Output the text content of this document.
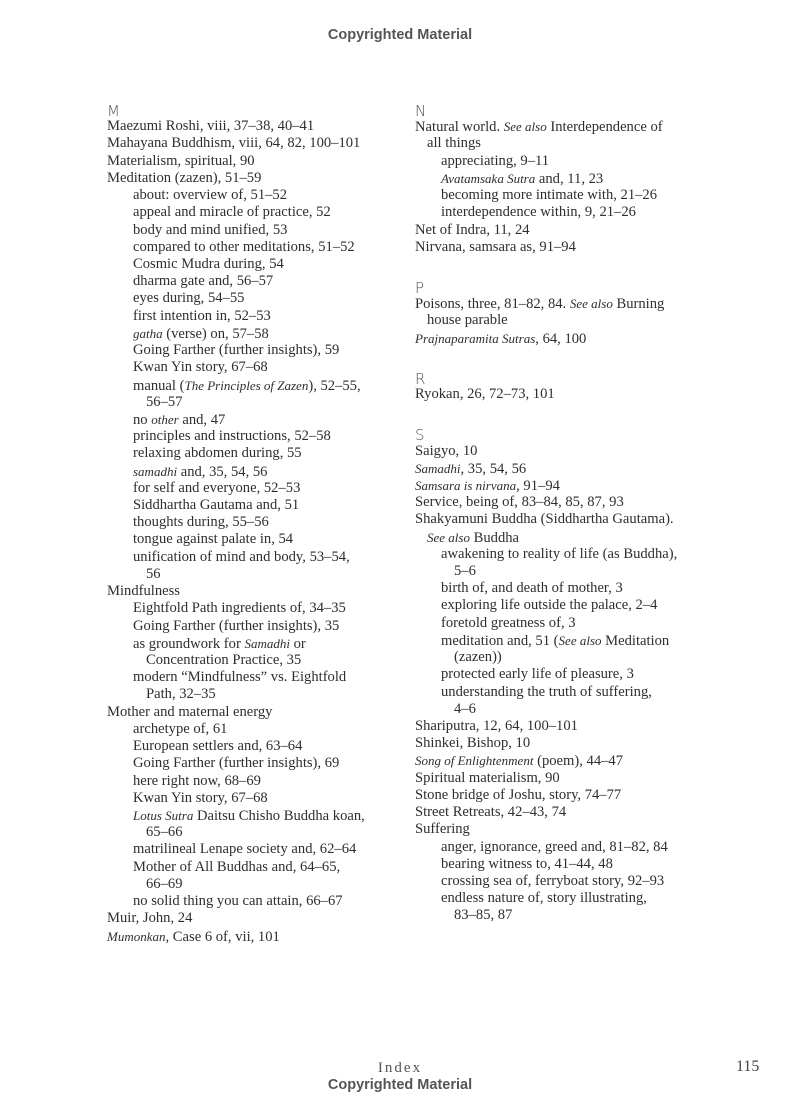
Copyrighted Material
M
Maezumi Roshi, viii, 37–38, 40–41
Mahayana Buddhism, viii, 64, 82, 100–101
Materialism, spiritual, 90
Meditation (zazen), 51–59
about: overview of, 51–52
appeal and miracle of practice, 52
body and mind unified, 53
compared to other meditations, 51–52
Cosmic Mudra during, 54
dharma gate and, 56–57
eyes during, 54–55
first intention in, 52–53
gatha (verse) on, 57–58
Going Farther (further insights), 59
Kwan Yin story, 67–68
manual (The Principles of Zazen), 52–55,
56–57
no other and, 47
principles and instructions, 52–58
relaxing abdomen during, 55
samadhi and, 35, 54, 56
for self and everyone, 52–53
Siddhartha Gautama and, 51
thoughts during, 55–56
tongue against palate in, 54
unification of mind and body, 53–54,
56
Mindfulness
Eightfold Path ingredients of, 34–35
Going Farther (further insights), 35
as groundwork for Samadhi or
Concentration Practice, 35
modern “Mindfulness” vs. Eightfold
Path, 32–35
Mother and maternal energy
archetype of, 61
European settlers and, 63–64
Going Farther (further insights), 69
here right now, 68–69
Kwan Yin story, 67–68
Lotus Sutra Daitsu Chisho Buddha koan,
65–66
matrilineal Lenape society and, 62–64
Mother of All Buddhas and, 64–65,
66–69
no solid thing you can attain, 66–67
Muir, John, 24
Mumonkan, Case 6 of, vii, 101
N
Natural world. See also Interdependence of
all things
appreciating, 9–11
Avatamsaka Sutra and, 11, 23
becoming more intimate with, 21–26
interdependence within, 9, 21–26
Net of Indra, 11, 24
Nirvana, samsara as, 91–94
P
Poisons, three, 81–82, 84. See also Burning
house parable
Prajnaparamita Sutras, 64, 100
R
Ryokan, 26, 72–73, 101
S
Saigyo, 10
Samadhi, 35, 54, 56
Samsara is nirvana, 91–94
Service, being of, 83–84, 85, 87, 93
Shakyamuni Buddha (Siddhartha Gautama).
See also Buddha
awakening to reality of life (as Buddha),
5–6
birth of, and death of mother, 3
exploring life outside the palace, 2–4
foretold greatness of, 3
meditation and, 51 (See also Meditation
(zazen))
protected early life of pleasure, 3
understanding the truth of suffering,
4–6
Shariputra, 12, 64, 100–101
Shinkei, Bishop, 10
Song of Enlightenment (poem), 44–47
Spiritual materialism, 90
Stone bridge of Joshu, story, 74–77
Street Retreats, 42–43, 74
Suffering
anger, ignorance, greed and, 81–82, 84
bearing witness to, 41–44, 48
crossing sea of, ferryboat story, 92–93
endless nature of, story illustrating,
83–85, 87
Index	115
Copyrighted Material
